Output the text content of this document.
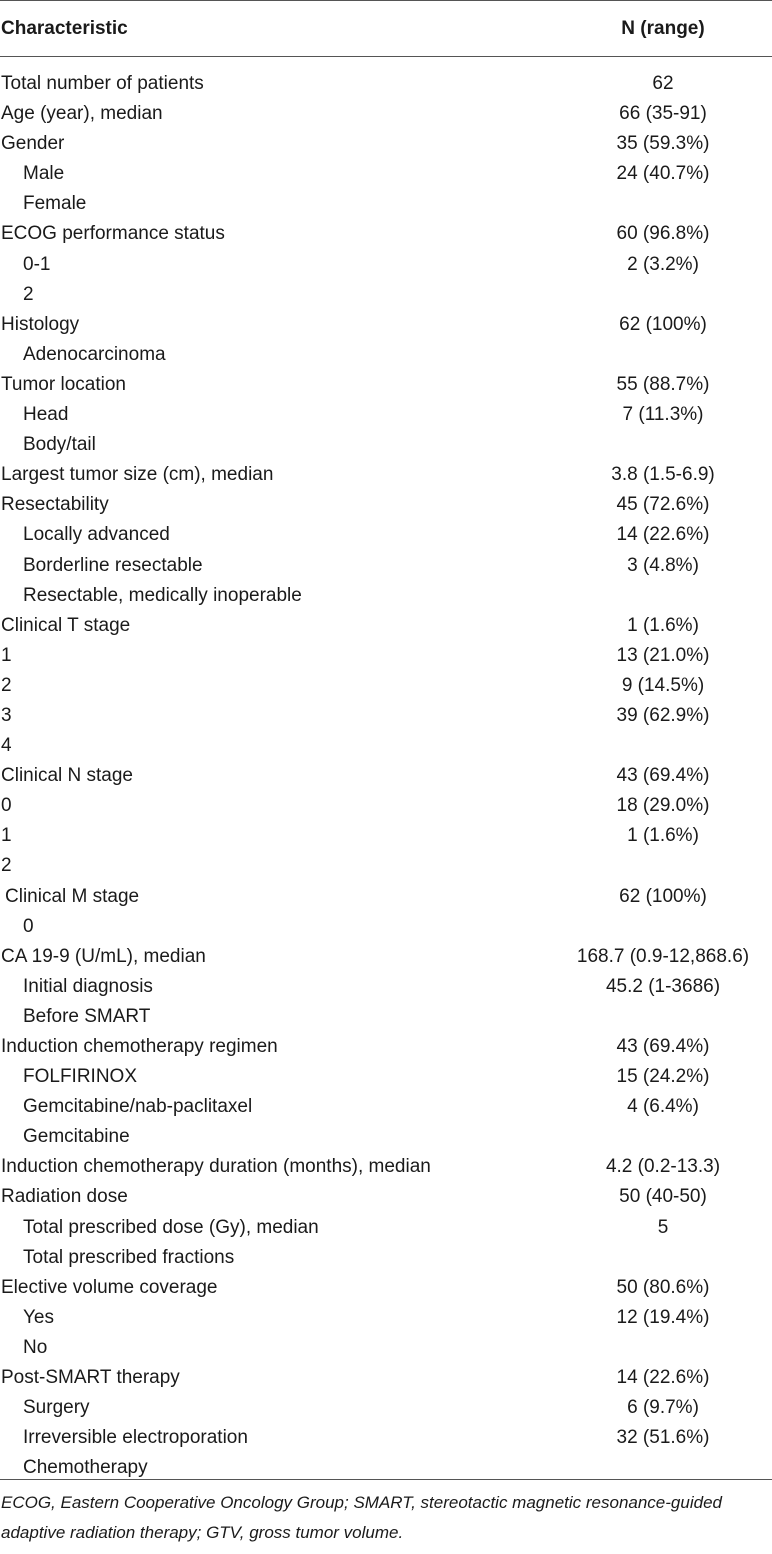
Characteristic	N (range)
Total number of patients	62
Age (year), median	66 (35-91)
Gender	35 (59.3%)
Male	24 (40.7%)
Female
ECOG performance status	60 (96.8%)
0-1	2 (3.2%)
2
Histology	62 (100%)
Adenocarcinoma
Tumor location	55 (88.7%)
Head	7 (11.3%)
Body/tail
Largest tumor size (cm), median	3.8 (1.5-6.9)
Resectability	45 (72.6%)
Locally advanced	14 (22.6%)
Borderline resectable	3 (4.8%)
Resectable, medically inoperable
Clinical T stage	1 (1.6%)
1	13 (21.0%)
2	9 (14.5%)
3	39 (62.9%)
4
Clinical N stage	43 (69.4%)
0	18 (29.0%)
1	1 (1.6%)
2
Clinical M stage	62 (100%)
0
CA 19-9 (U/mL), median	168.7 (0.9-12,868.6)
Initial diagnosis	45.2 (1-3686)
Before SMART
Induction chemotherapy regimen	43 (69.4%)
FOLFIRINOX	15 (24.2%)
Gemcitabine/nab-paclitaxel	4 (6.4%)
Gemcitabine
Induction chemotherapy duration (months), median	4.2 (0.2-13.3)
Radiation dose	50 (40-50)
Total prescribed dose (Gy), median	5
Total prescribed fractions
Elective volume coverage	50 (80.6%)
Yes	12 (19.4%)
No
Post-SMART therapy	14 (22.6%)
Surgery	6 (9.7%)
Irreversible electroporation	32 (51.6%)
Chemotherapy
ECOG, Eastern Cooperative Oncology Group; SMART, stereotactic magnetic resonance-guided adaptive radiation therapy; GTV, gross tumor volume.
